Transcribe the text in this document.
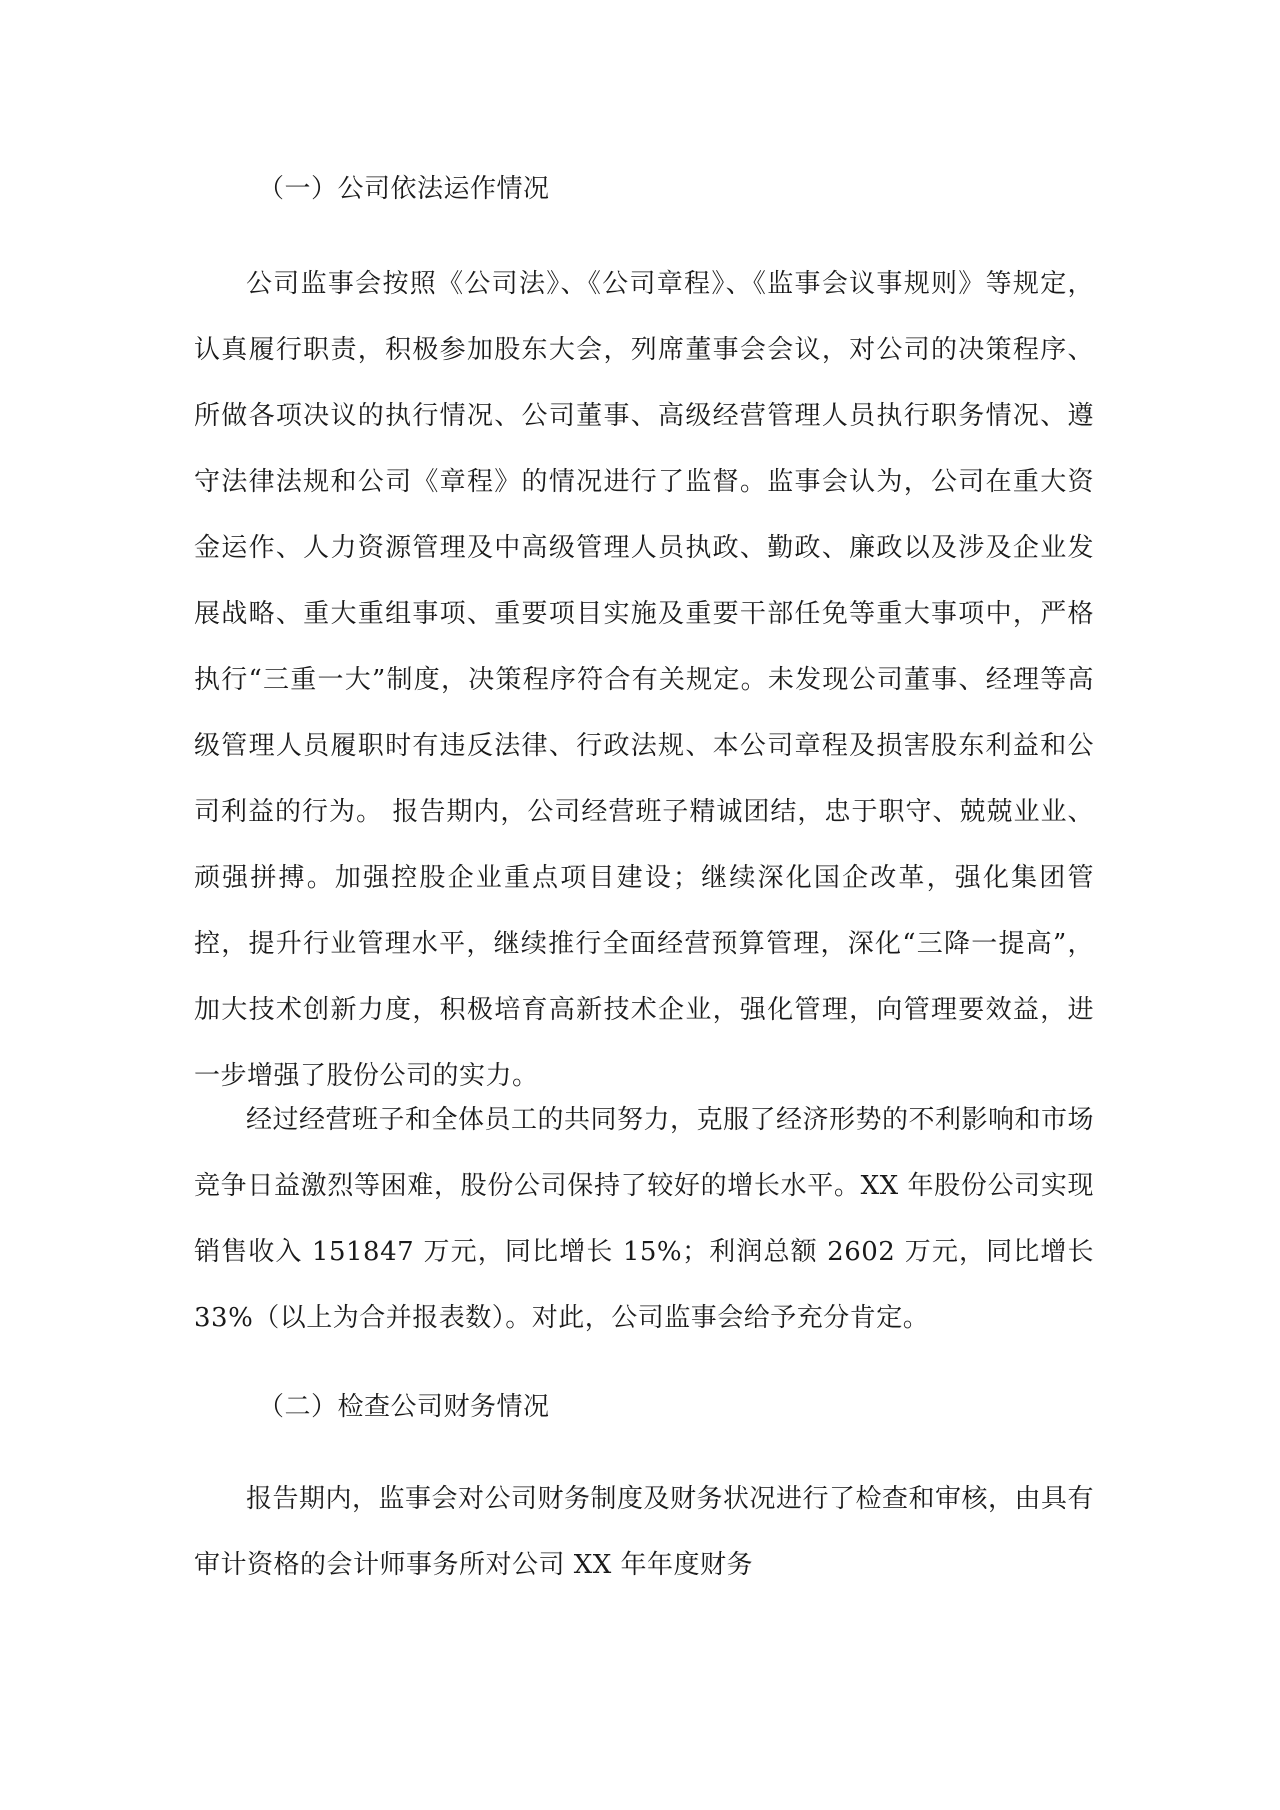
（一）公司依法运作情况
公司监事会按照《公司法》、《公司章程》、《监事会议事规则》等规定，认真履行职责，积极参加股东大会，列席董事会会议，对公司的决策程序、所做各项决议的执行情况、公司董事、高级经营管理人员执行职务情况、遵守法律法规和公司《章程》的情况进行了监督。监事会认为，公司在重大资金运作、人力资源管理及中高级管理人员执政、勤政、廉政以及涉及企业发展战略、重大重组事项、重要项目实施及重要干部任免等重大事项中，严格执行“三重一大”制度，决策程序符合有关规定。未发现公司董事、经理等高级管理人员履职时有违反法律、行政法规、本公司章程及损害股东利益和公司利益的行为。 报告期内，公司经营班子精诚团结，忠于职守、兢兢业业、顽强拼搏。加强控股企业重点项目建设；继续深化国企改革，强化集团管控，提升行业管理水平，继续推行全面经营预算管理，深化“三降一提高”，加大技术创新力度，积极培育高新技术企业，强化管理，向管理要效益，进一步增强了股份公司的实力。
经过经营班子和全体员工的共同努力，克服了经济形势的不利影响和市场竞争日益激烈等困难，股份公司保持了较好的增长水平。XX 年股份公司实现销售收入 151847 万元，同比增长 15%；利润总额 2602 万元，同比增长 33%（以上为合并报表数）。对此，公司监事会给予充分肯定。
（二）检查公司财务情况
报告期内，监事会对公司财务制度及财务状况进行了检查和审核，由具有审计资格的会计师事务所对公司 XX 年年度财务
